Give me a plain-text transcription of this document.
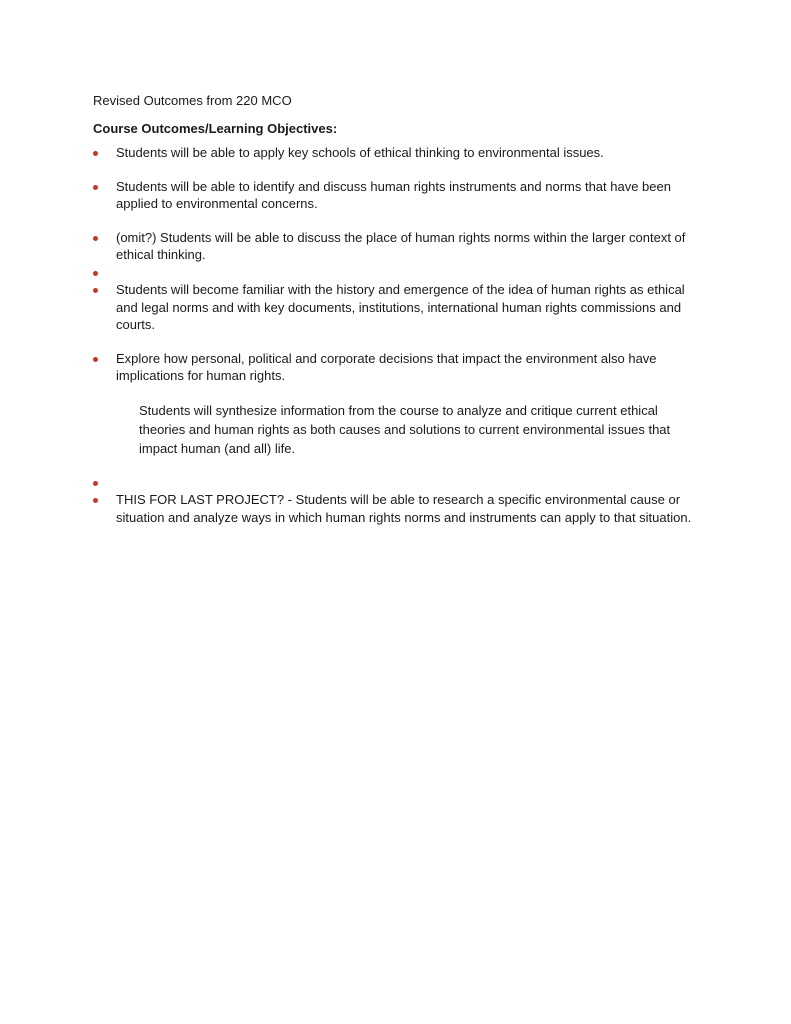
Revised Outcomes from 220 MCO
Course Outcomes/Learning Objectives:
Students will be able to apply key schools of ethical thinking to environmental issues.
Students will be able to identify and discuss human rights instruments and norms that have been applied to environmental concerns.
(omit?) Students will be able to discuss the place of human rights norms within the larger context of ethical thinking.
Students will become familiar with the history and emergence of the idea of human rights as ethical and legal norms and with key documents, institutions, international human rights commissions and courts.
Explore how personal, political and corporate decisions that impact the environment also have implications for human rights.
Students will synthesize information from the course to analyze and critique current ethical theories and human rights as both causes and solutions to current environmental issues that impact human (and all) life.
THIS FOR LAST PROJECT? - Students will be able to research a specific environmental cause or situation and analyze ways in which human rights norms and instruments can apply to that situation.
